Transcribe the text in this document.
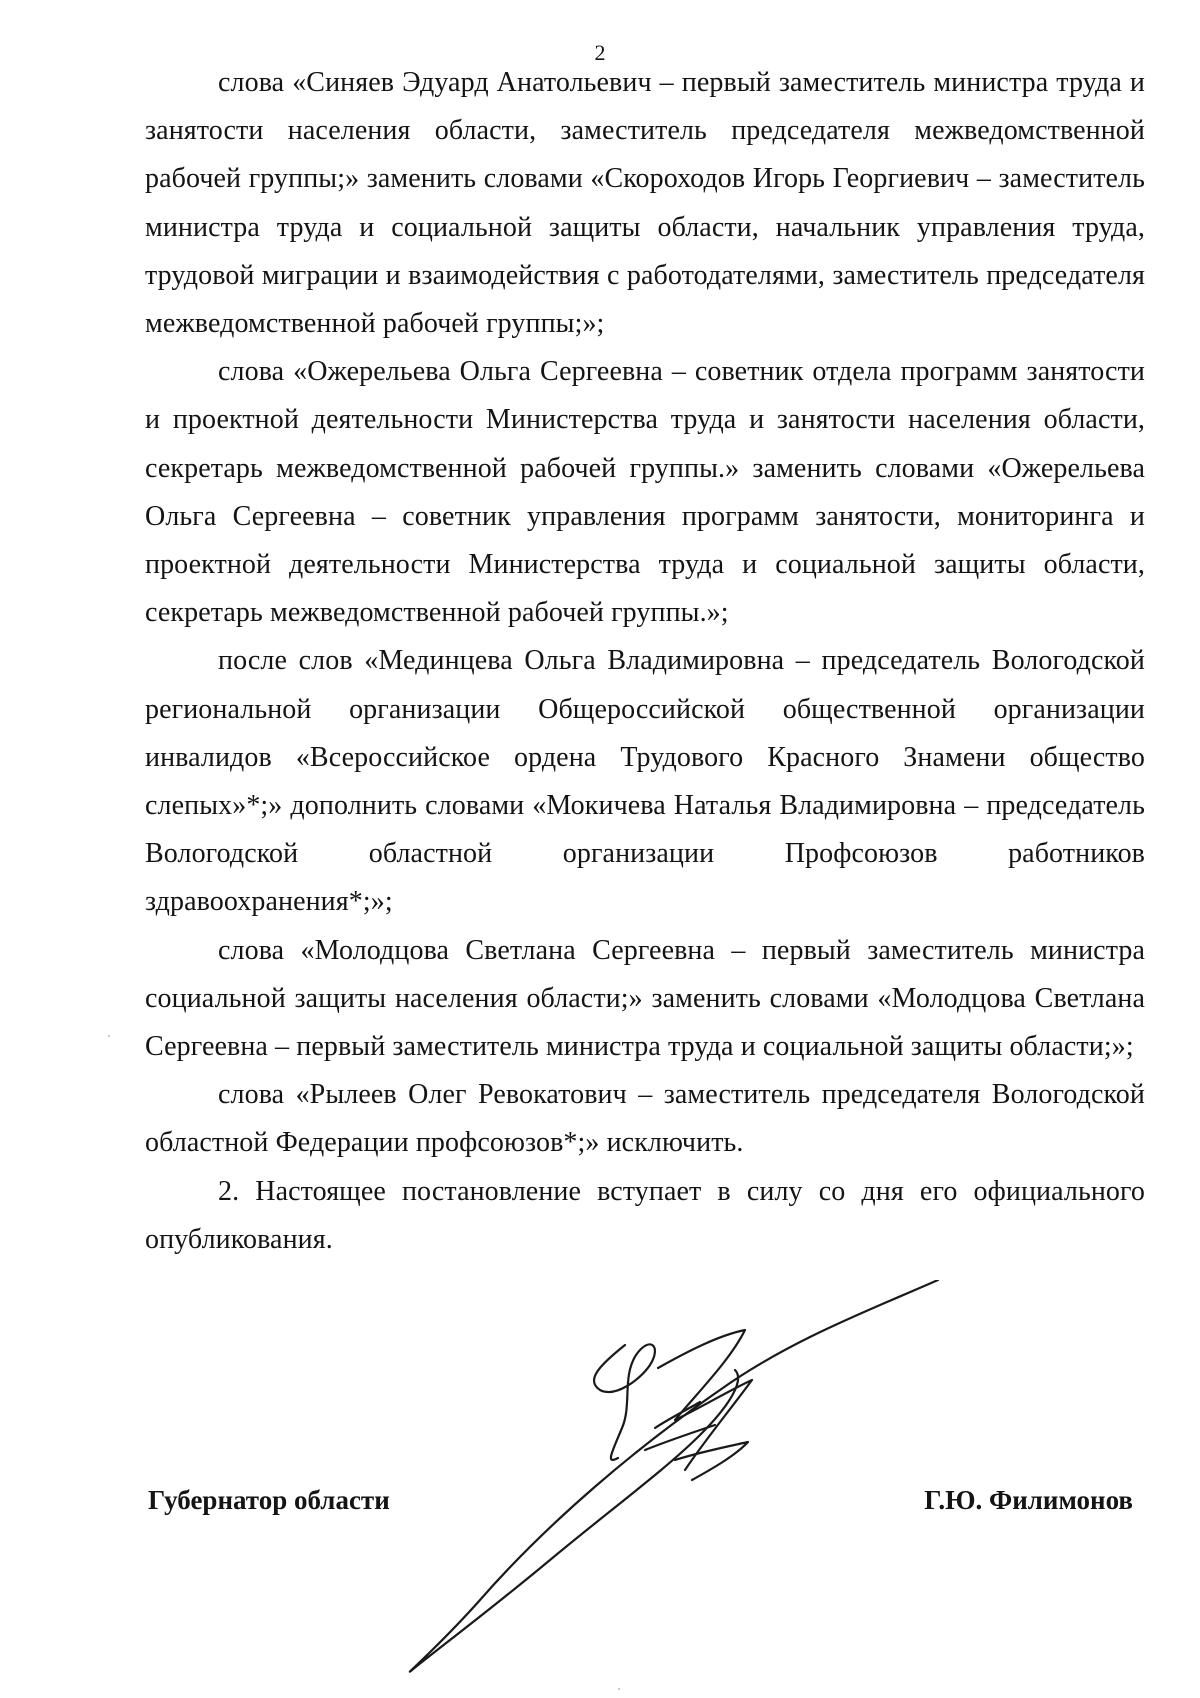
2

слова «Синяев Эдуард Анатольевич – первый заместитель министра труда и занятости населения области, заместитель председателя межведомственной рабочей группы;» заменить словами «Скороходов Игорь Георгиевич – заместитель министра труда и социальной защиты области, начальник управления труда, трудовой миграции и взаимодействия с работодателями, заместитель председателя межведомственной рабочей группы;»;

слова «Ожерельева Ольга Сергеевна – советник отдела программ занятости и проектной деятельности Министерства труда и занятости населения области, секретарь межведомственной рабочей группы.» заменить словами «Ожерельева Ольга Сергеевна – советник управления программ занятости, мониторинга и проектной деятельности Министерства труда и социальной защиты области, секретарь межведомственной рабочей группы.»;

после слов «Мединцева Ольга Владимировна – председатель Вологодской региональной организации Общероссийской общественной организации инвалидов «Всероссийское ордена Трудового Красного Знамени общество слепых»*;» дополнить словами «Мокичева Наталья Владимировна – председатель Вологодской областной организации Профсоюзов работников здравоохранения*;»;

слова «Молодцова Светлана Сергеевна – первый заместитель министра социальной защиты населения области;» заменить словами «Молодцова Светлана Сергеевна – первый заместитель министра труда и социальной защиты области;»;

слова «Рылеев Олег Ревокатович – заместитель председателя Вологодской областной Федерации профсоюзов*;» исключить.

2. Настоящее постановление вступает в силу со дня его официального опубликования.

Губернатор области	Г.Ю. Филимонов
